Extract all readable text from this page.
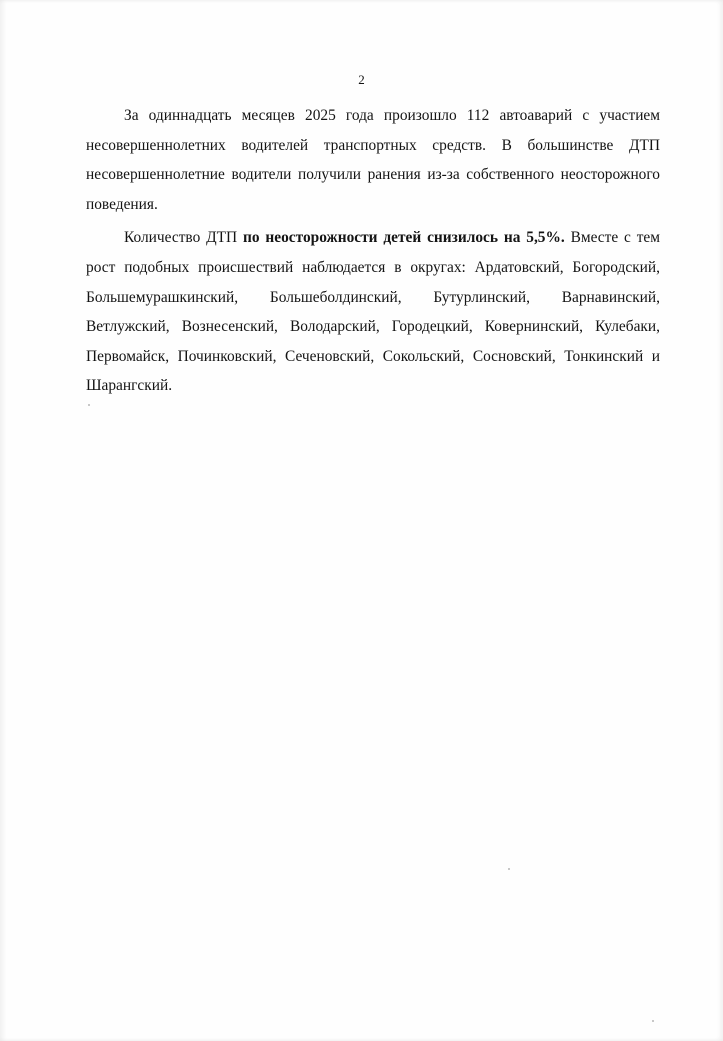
2

За одиннадцать месяцев 2025 года произошло 112 автоаварий с участием несовершеннолетних водителей транспортных средств. В большинстве ДТП несовершеннолетние водители получили ранения из-за собственного неосторожного поведения.

Количество ДТП по неосторожности детей снизилось на 5,5%. Вместе с тем рост подобных происшествий наблюдается в округах: Ардатовский, Богородский, Большемурашкинский, Большеболдинский, Бутурлинский, Варнавинский, Ветлужский, Вознесенский, Володарский, Городецкий, Ковернинский, Кулебаки, Первомайск, Починковский, Сеченовский, Сокольский, Сосновский, Тонкинский и Шарангский.
